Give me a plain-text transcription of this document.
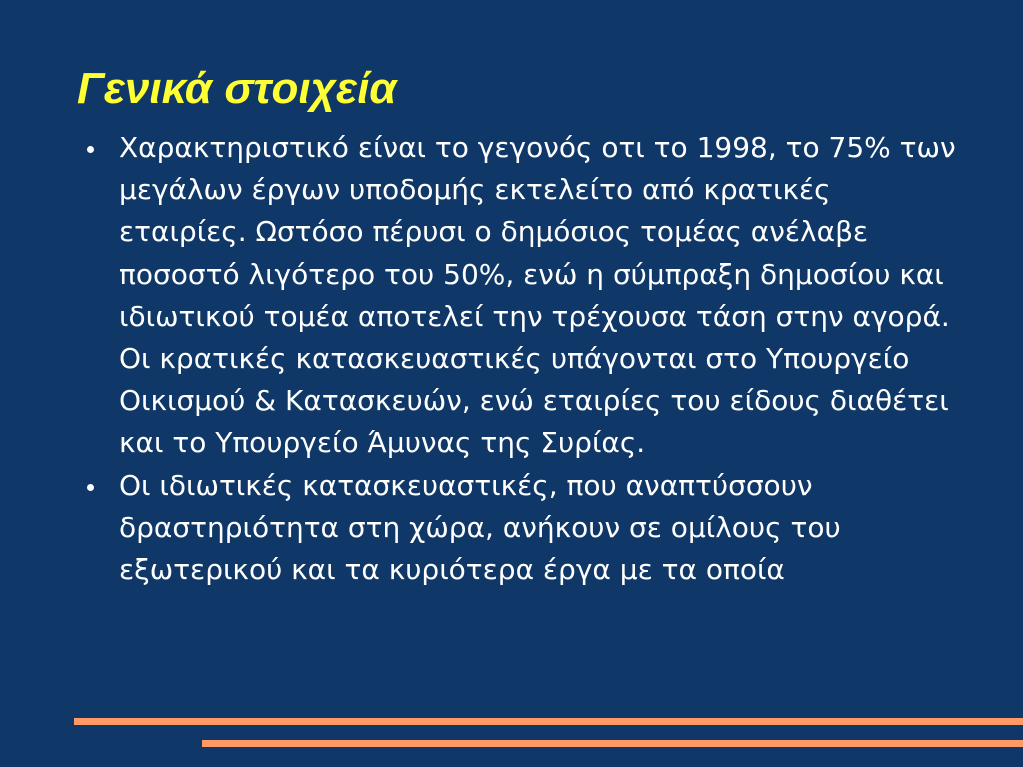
Γενικά στοιχεία
Χαρακτηριστικό είναι το γεγονός οτι το 1998, το 75% των μεγάλων έργων υποδομής εκτελείτο από κρατικές εταιρίες. Ωστόσο πέρυσι ο δημόσιος τομέας ανέλαβε ποσοστό λιγότερο του 50%, ενώ η σύμπραξη δημοσίου και ιδιωτικού τομέα αποτελεί την τρέχουσα τάση στην αγορά. Οι κρατικές κατασκευαστικές υπάγονται στο Υπουργείο Οικισμού & Κατασκευών, ενώ εταιρίες του είδους διαθέτει και το Υπουργείο Άμυνας της Συρίας.
Οι ιδιωτικές κατασκευαστικές, που αναπτύσσουν δραστηριότητα στη χώρα, ανήκουν σε ομίλους του εξωτερικού και τα κυριότερα έργα με τα οποία
